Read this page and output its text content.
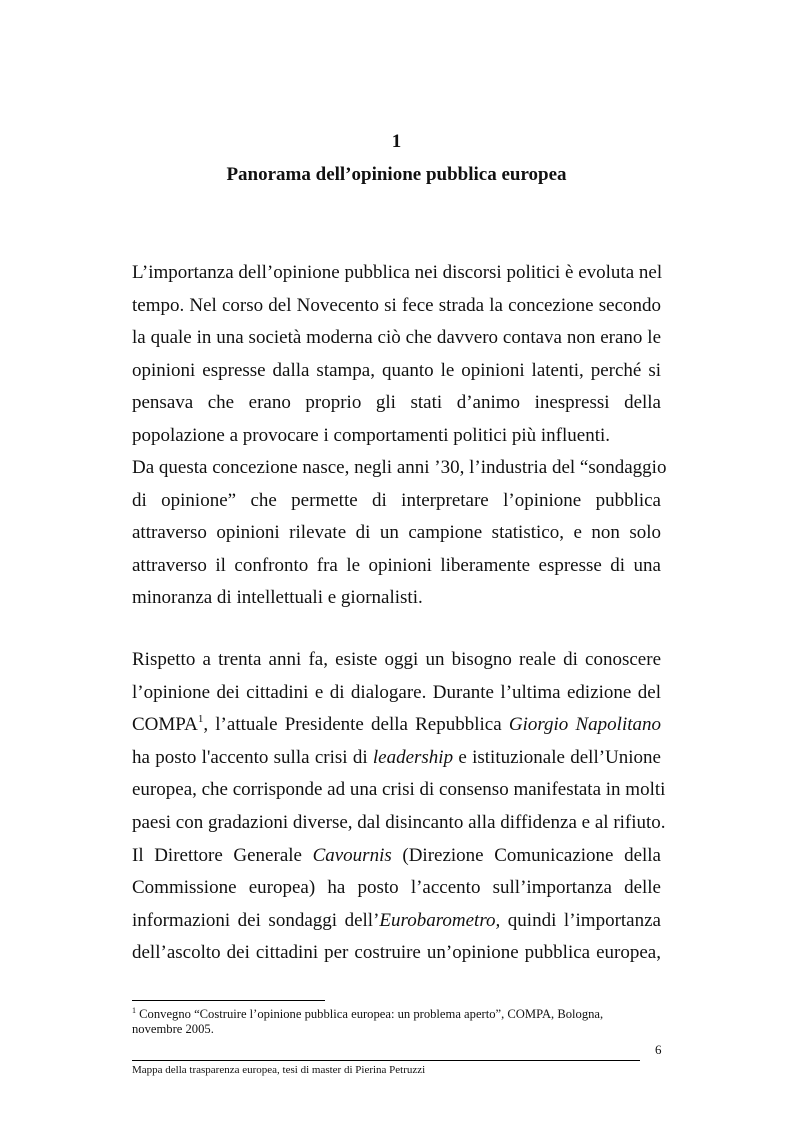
1
Panorama dell’opinione pubblica europea
L’importanza dell’opinione pubblica nei discorsi politici è evoluta nel
tempo. Nel corso del Novecento si fece strada la concezione secondo
la quale in una società moderna ciò che davvero contava non erano le
opinioni espresse dalla stampa, quanto le opinioni latenti, perché si
pensava che erano proprio gli stati d’animo inespressi della
popolazione a provocare i comportamenti politici più influenti.
Da questa concezione nasce, negli anni ’30, l’industria del “sondaggio
di opinione” che permette di interpretare l’opinione pubblica
attraverso opinioni rilevate di un campione statistico, e non solo
attraverso il confronto fra le opinioni liberamente espresse di una
minoranza di intellettuali e giornalisti.
Rispetto a trenta anni fa, esiste oggi un bisogno reale di conoscere
l’opinione dei cittadini e di dialogare. Durante l’ultima edizione del
COMPA$^1$, l’attuale Presidente della Repubblica Giorgio Napolitano
ha posto l'accento sulla crisi di leadership e istituzionale dell’Unione
europea, che corrisponde ad una crisi di consenso manifestata in molti
paesi con gradazioni diverse, dal disincanto alla diffidenza e al rifiuto.
Il Direttore Generale Cavournis (Direzione Comunicazione della
Commissione europea) ha posto l’accento sull’importanza delle
informazioni dei sondaggi dell’Eurobarometro, quindi l’importanza
dell’ascolto dei cittadini per costruire un’opinione pubblica europea,
$^1$ Convegno “Costruire l’opinione pubblica europea: un problema aperto”, COMPA, Bologna,
novembre 2005.
6
Mappa della trasparenza europea, tesi di master di Pierina Petruzzi
